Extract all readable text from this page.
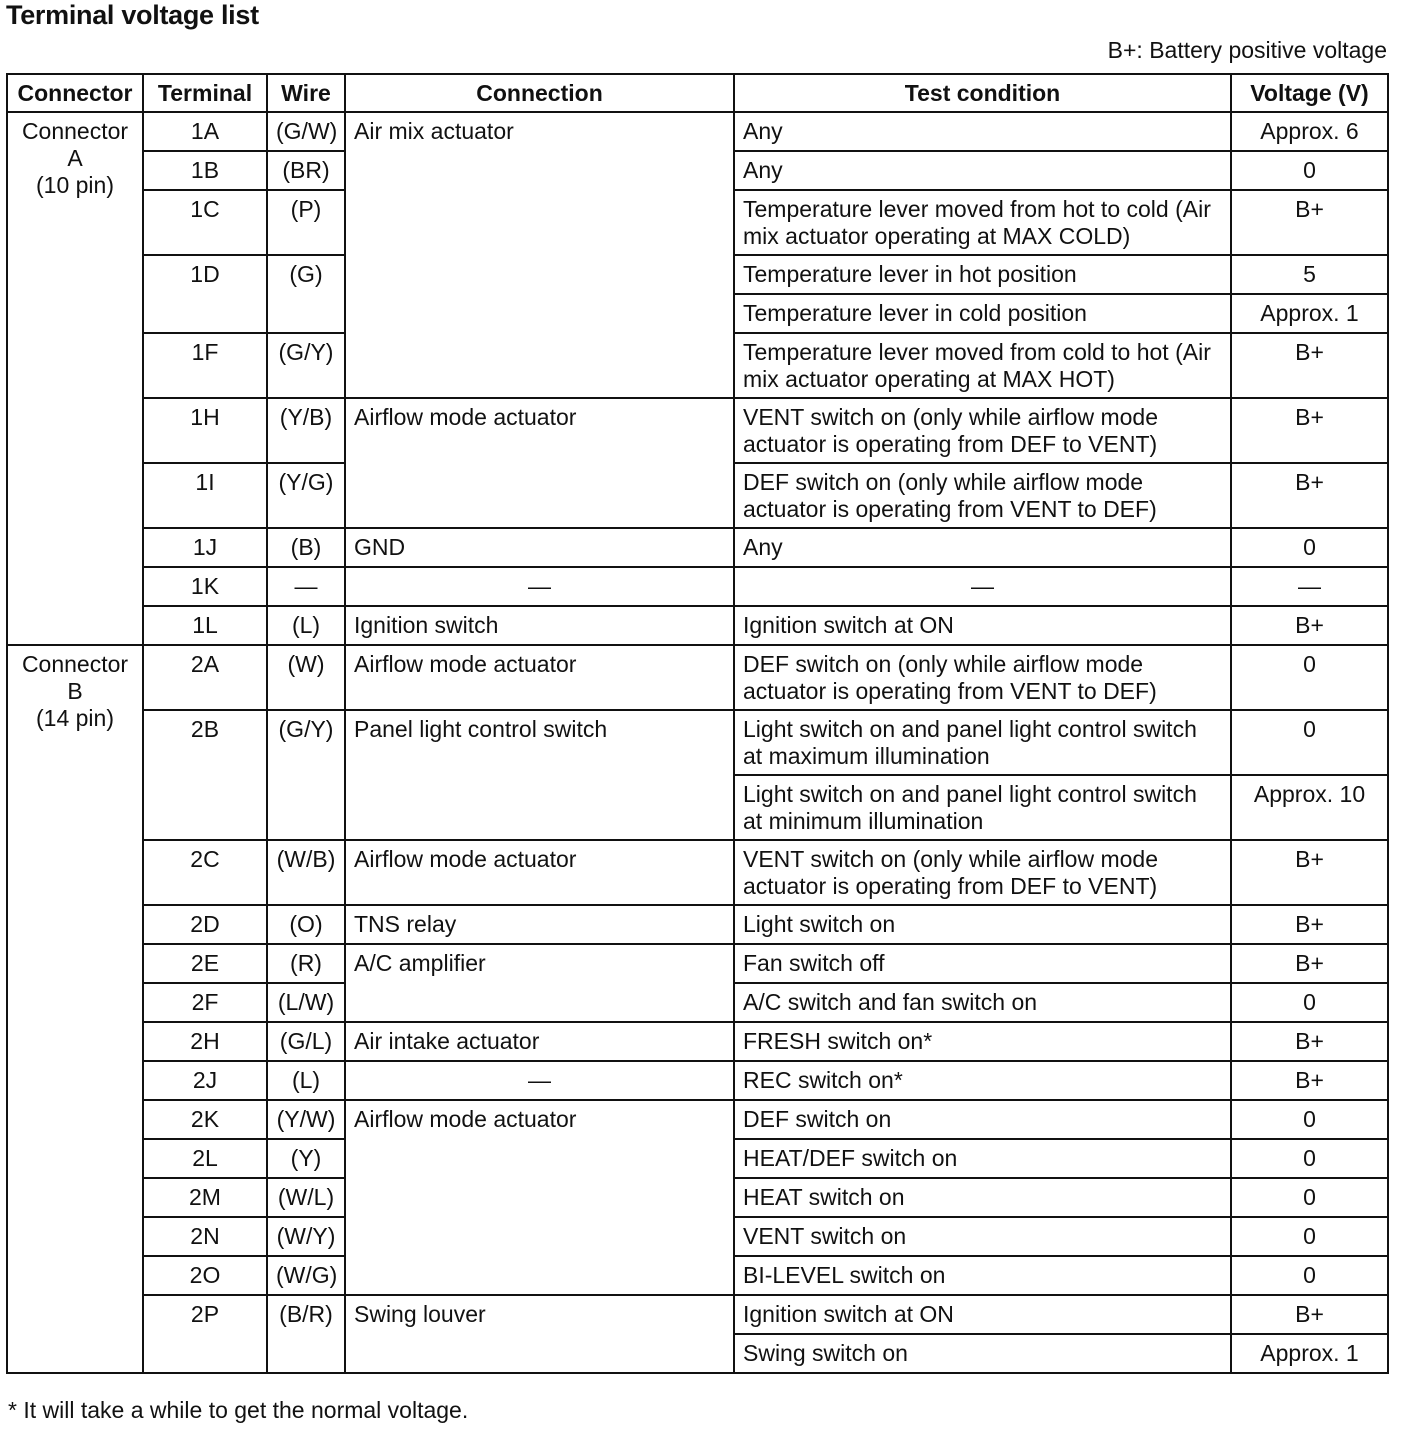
Terminal voltage list
B+: Battery positive voltage
Connector	Terminal	Wire	Connection	Test condition	Voltage (V)

Connector
A
(10 pin)	1A	(G/W)	Air mix actuator	Any	Approx. 6
	1B	(BR)		Any	0
	1C	(P)		Temperature lever moved from hot to cold (Air mix actuator operating at MAX COLD)	B+
	1D	(G)		Temperature lever in hot position	5
				Temperature lever in cold position	Approx. 1
	1F	(G/Y)		Temperature lever moved from cold to hot (Air mix actuator operating at MAX HOT)	B+
	1H	(Y/B)	Airflow mode actuator	VENT switch on (only while airflow mode actuator is operating from DEF to VENT)	B+
	1I	(Y/G)		DEF switch on (only while airflow mode actuator is operating from VENT to DEF)	B+
	1J	(B)	GND	Any	0
	1K	—	—	—	—
	1L	(L)	Ignition switch	Ignition switch at ON	B+

Connector
B
(14 pin)	2A	(W)	Airflow mode actuator	DEF switch on (only while airflow mode actuator is operating from VENT to DEF)	0
	2B	(G/Y)	Panel light control switch	Light switch on and panel light control switch at maximum illumination	0
				Light switch on and panel light control switch at minimum illumination	Approx. 10
	2C	(W/B)	Airflow mode actuator	VENT switch on (only while airflow mode actuator is operating from DEF to VENT)	B+
	2D	(O)	TNS relay	Light switch on	B+
	2E	(R)	A/C amplifier	Fan switch off	B+
	2F	(L/W)		A/C switch and fan switch on	0
	2H	(G/L)	Air intake actuator	FRESH switch on*	B+
	2J	(L)	—	REC switch on*	B+
	2K	(Y/W)	Airflow mode actuator	DEF switch on	0
	2L	(Y)		HEAT/DEF switch on	0
	2M	(W/L)		HEAT switch on	0
	2N	(W/Y)		VENT switch on	0
	2O	(W/G)		BI-LEVEL switch on	0
	2P	(B/R)	Swing louver	Ignition switch at ON	B+
				Swing switch on	Approx. 1
* It will take a while to get the normal voltage.
